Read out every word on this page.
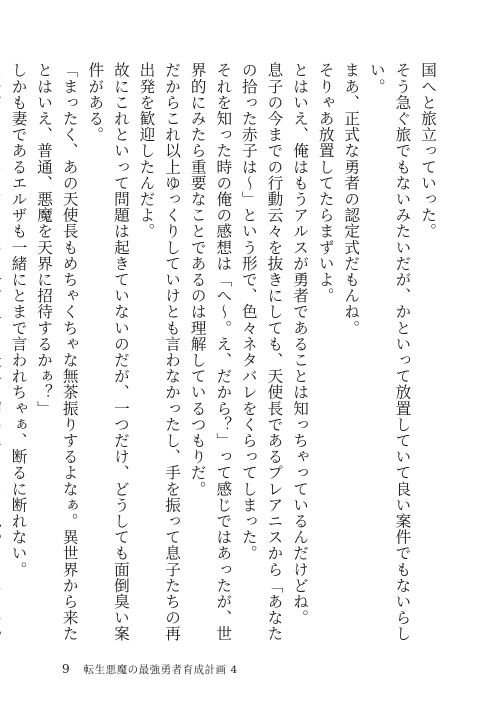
国へと旅立っていった。

そう急ぐ旅でもないみたいだが、かといって放置していて良い案件でもないらしい。

まあ、正式な勇者の認定式だもんね。

そりゃあ放置してたらまずいよ。

とはいえ、俺はもうアルスが勇者であることは知っちゃっているんだけどね。

息子の今までの行動云々を抜きにしても、天使長であるプレアニスから「あなたの拾った赤子は〜」という形で、色々ネタバレをくらってしまった。

それを知った時の俺の感想は「へ〜。え、だから？」って感じではあったが、世界的にみたら重要なことであるのは理解しているつもりだ。

だからこれ以上ゆっくりしていけとも言わなかったし、手を振って息子たちの再出発を歓迎したんだよ。

故にこれといって問題は起きていないのだが、一つだけ、どうしても面倒臭い案件がある。

「まったく、あの天使長もめちゃくちゃな無茶振りするよなぁ。異世界から来たとはいえ、普通、悪魔を天界に招待するかぁ？」

しかも妻であるエルザも一緒にとまで言われちゃぁ、断るに断れない。

9 転生悪魔の最強勇者育成計画 4
